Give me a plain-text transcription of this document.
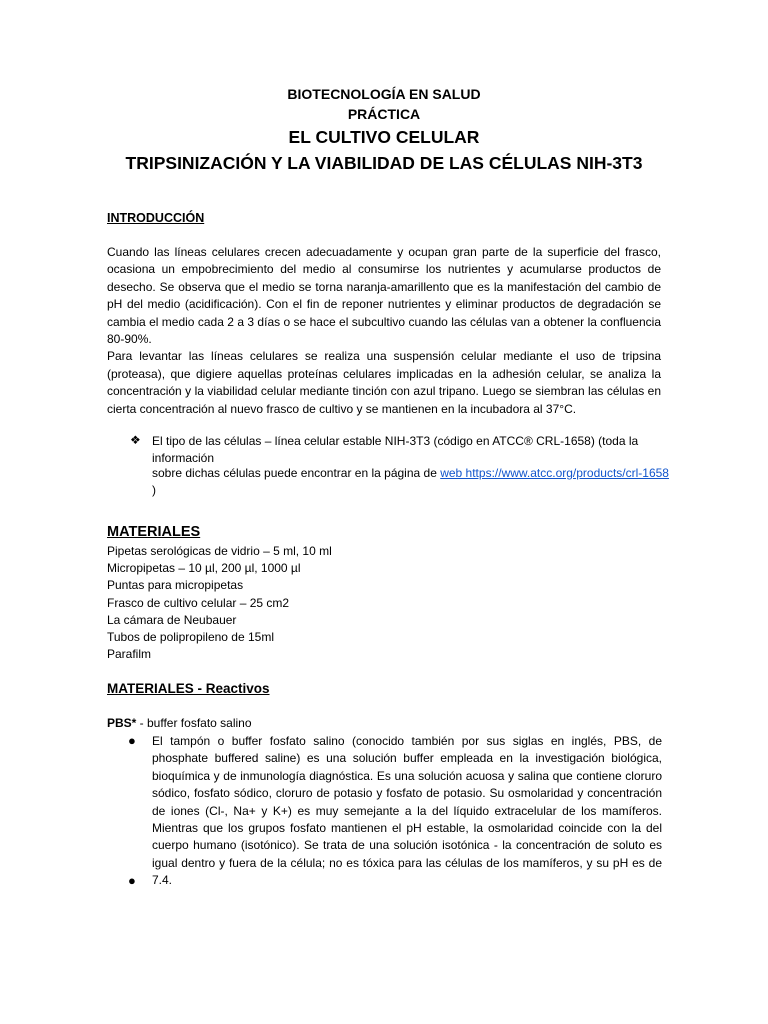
BIOTECNOLOGÍA EN SALUD
PRÁCTICA
EL CULTIVO CELULAR
TRIPSINIZACIÓN Y LA VIABILIDAD DE LAS CÉLULAS NIH-3T3
INTRODUCCIÓN

Cuando las líneas celulares crecen adecuadamente y ocupan gran parte de la superficie del frasco, ocasiona un empobrecimiento del medio al consumirse los nutrientes y acumularse productos de desecho. Se observa que el medio se torna naranja-amarillento que es la manifestación del cambio de pH del medio (acidificación). Con el fin de reponer nutrientes y eliminar productos de degradación se cambia el medio cada 2 a 3 días o se hace el subcultivo cuando las células van a obtener la confluencia 80-90%.

Para levantar las líneas celulares se realiza una suspensión celular mediante el uso de tripsina (proteasa), que digiere aquellas proteínas celulares implicadas en la adhesión celular, se analiza la concentración y la viabilidad celular mediante tinción con azul tripano. Luego se siembran las células en cierta concentración al nuevo frasco de cultivo y se mantienen en la incubadora al 37°C.

❖ El tipo de las células – línea celular estable NIH-3T3 (código en ATCC® CRL-1658) (toda la información
sobre dichas células puede encontrar en la página de web https://www.atcc.org/products/crl-1658 )
MATERIALES
Pipetas serológicas de vidrio – 5 ml, 10 ml
Micropipetas – 10 µl, 200 µl, 1000 µl
Puntas para micropipetas
Frasco de cultivo celular – 25 cm2
La cámara de Neubauer
Tubos de polipropileno de 15ml
Parafilm
MATERIALES - Reactivos
PBS* - buffer fosfato salino
● El tampón o buffer fosfato salino (conocido también por sus siglas en inglés, PBS, de phosphate buffered saline) es una solución buffer empleada en la investigación biológica, bioquímica y de inmunología diagnóstica. Es una solución acuosa y salina que contiene cloruro sódico, fosfato sódico, cloruro de potasio y fosfato de potasio. Su osmolaridad y concentración de iones (Cl-, Na+ y K+) es muy semejante a la del líquido extracelular de los mamíferos. Mientras que los grupos fosfato mantienen el pH estable, la osmolaridad coincide con la del cuerpo humano (isotónico). Se trata de una solución isotónica - la concentración de soluto es igual dentro y fuera de la célula; no es tóxica para las células de los mamíferos, y su pH es de 7.4.
●
